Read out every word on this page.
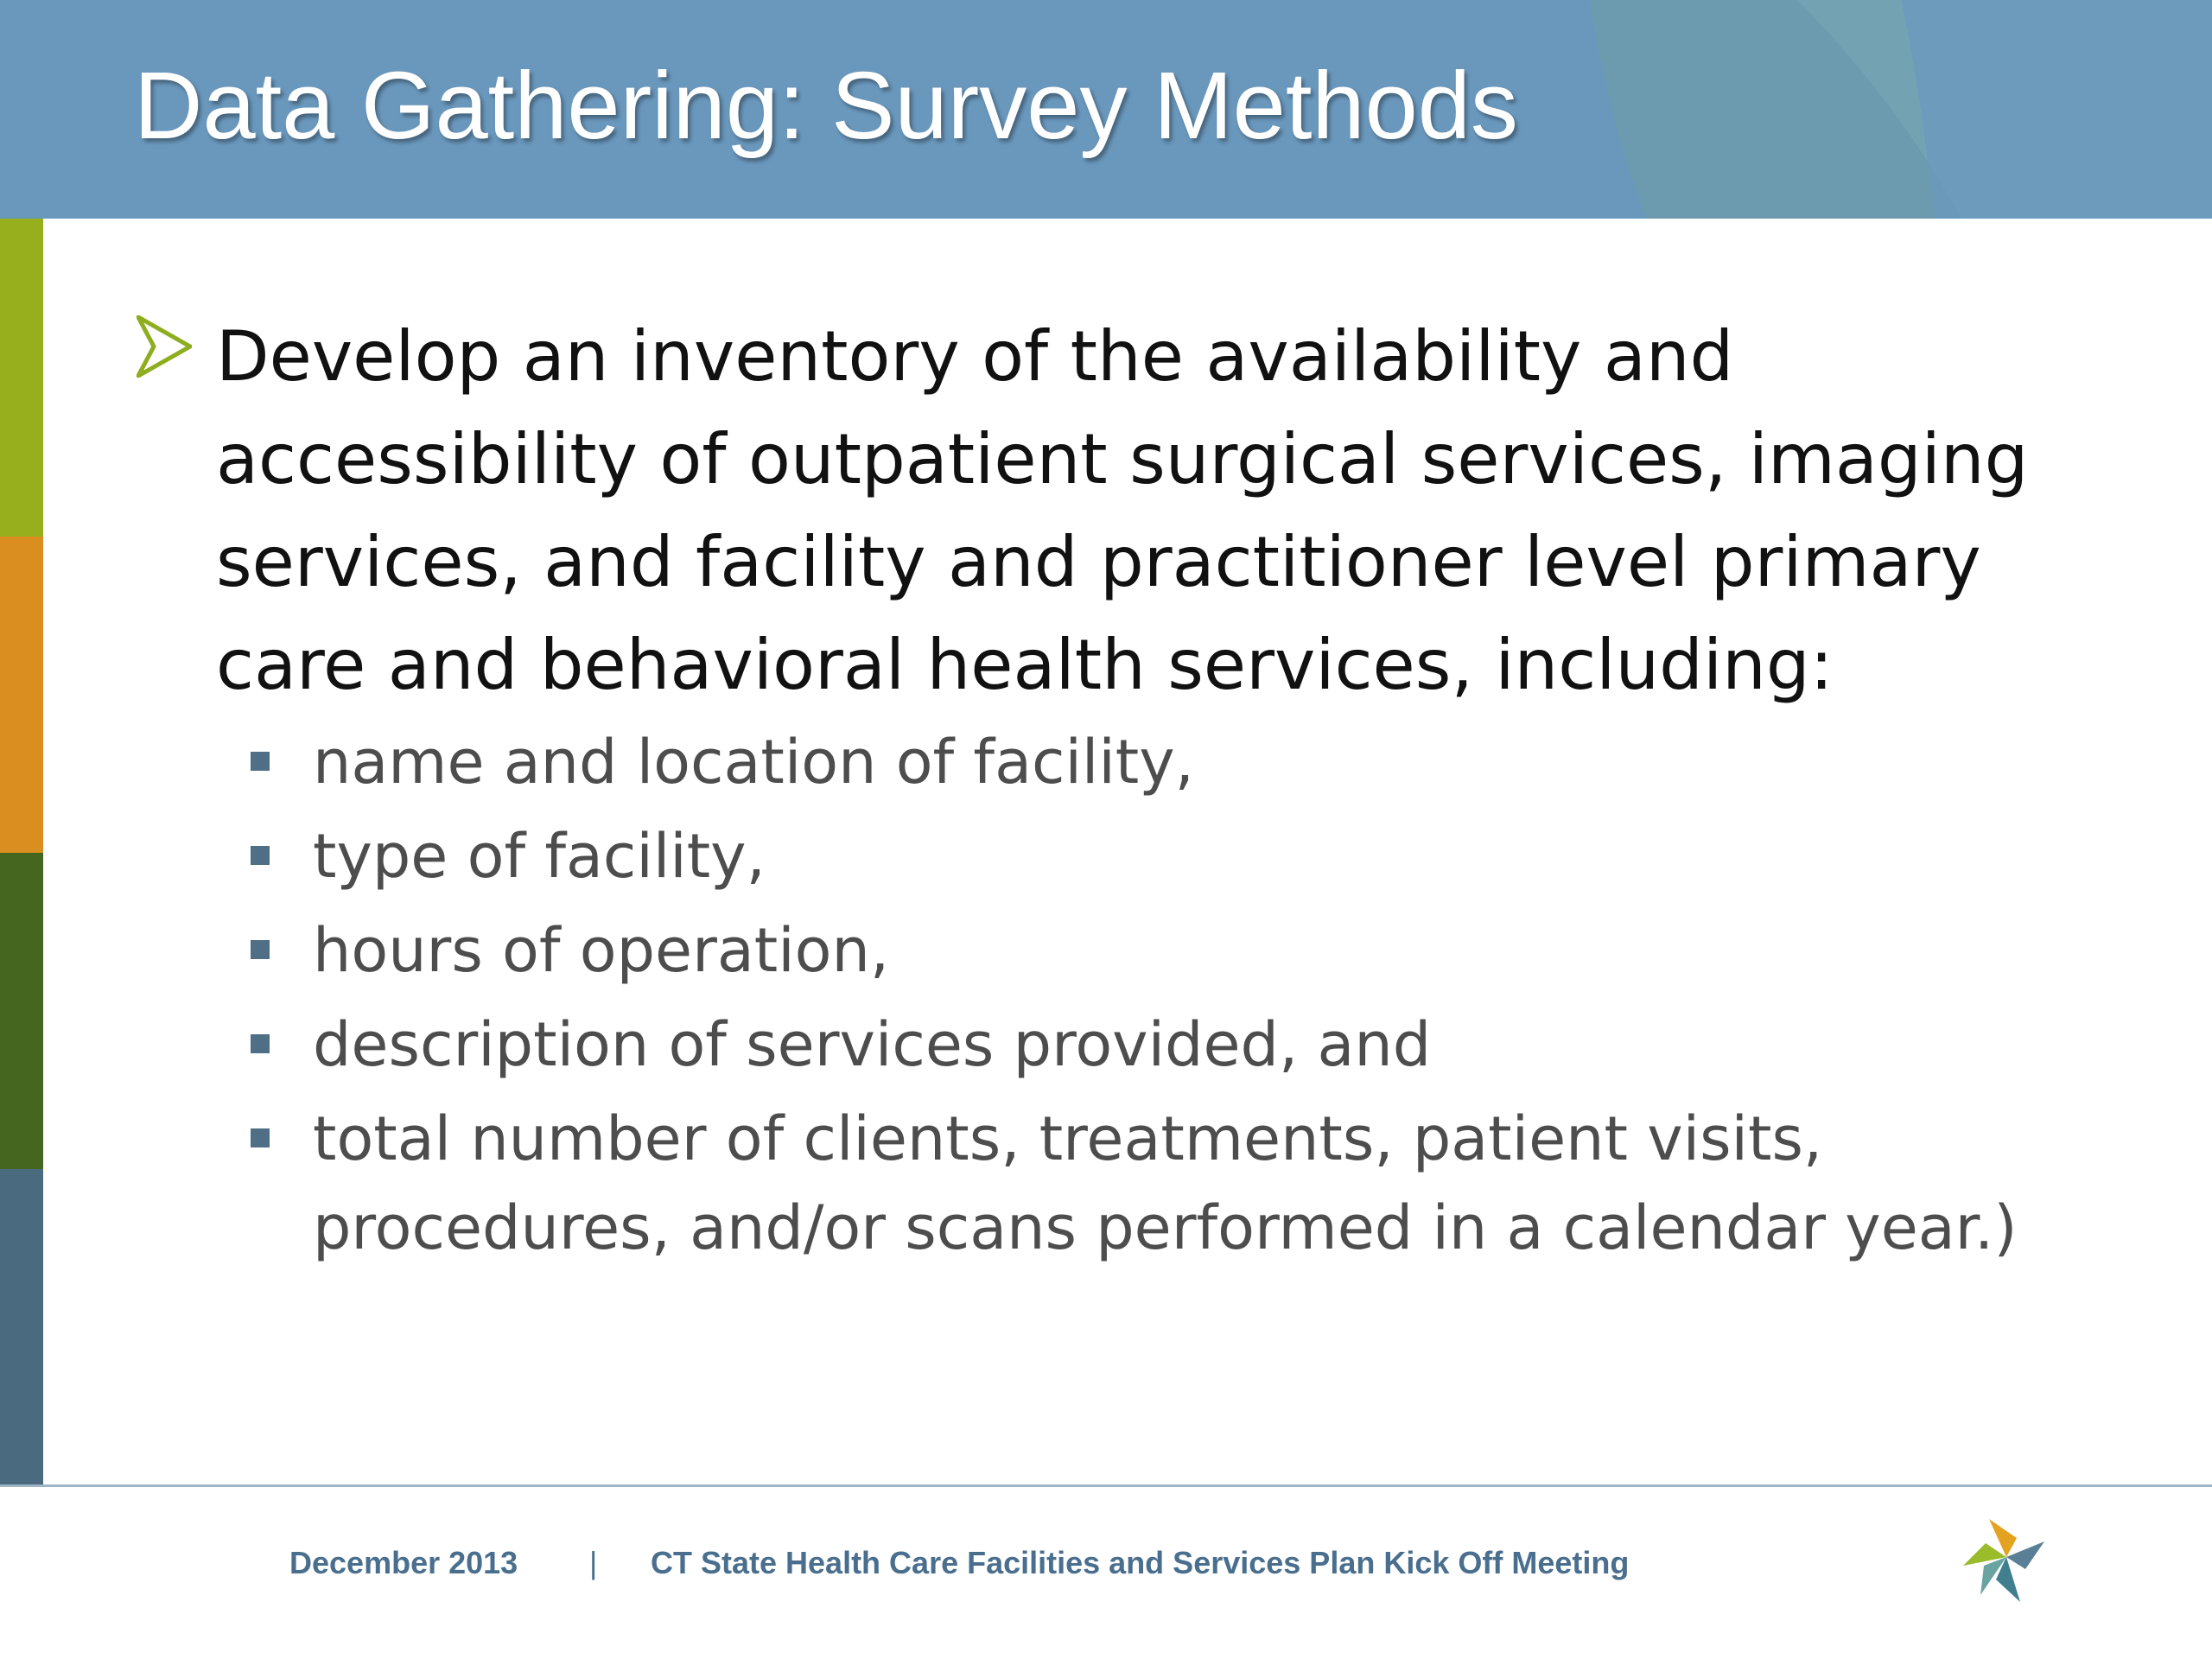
Data Gathering: Survey Methods
Develop an inventory of the availability and accessibility of outpatient surgical services, imaging services, and facility and practitioner level primary care and behavioral health services, including:
name and location of facility,
type of facility,
hours of operation,
description of services provided, and
total number of clients, treatments, patient visits, procedures, and/or scans performed in a calendar year.)
December 2013 | CT State Health Care Facilities and Services Plan Kick Off Meeting
